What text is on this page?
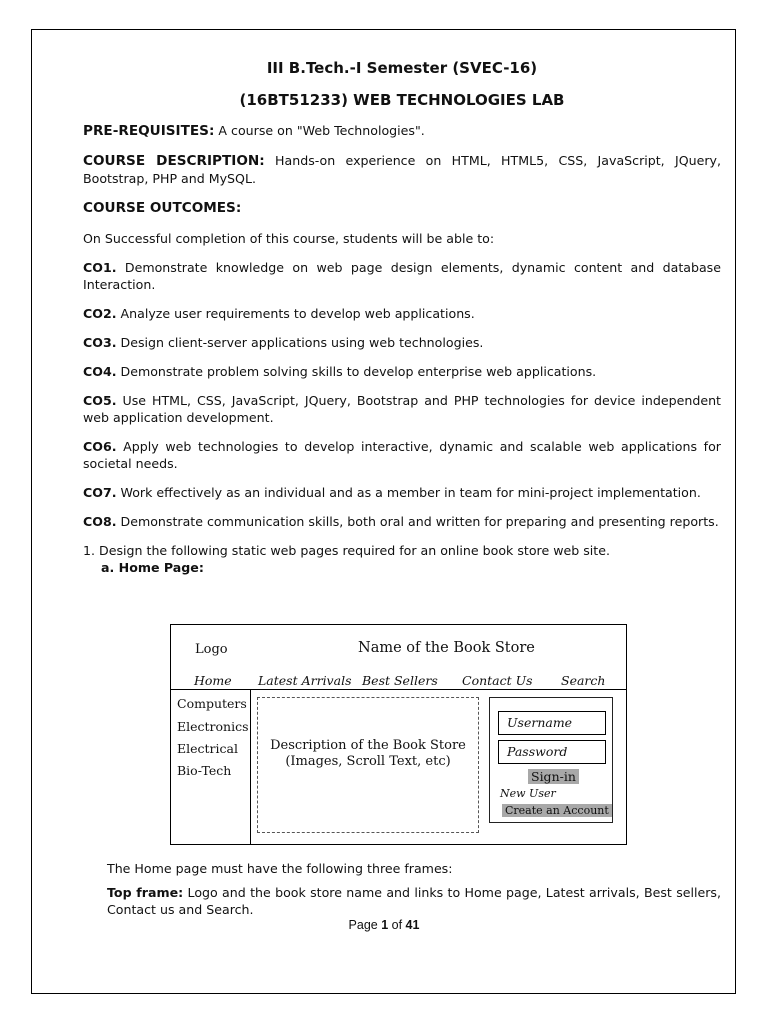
III B.Tech.-I Semester (SVEC-16)

(16BT51233) WEB TECHNOLOGIES LAB

PRE-REQUISITES: A course on "Web Technologies".

COURSE DESCRIPTION: Hands-on experience on HTML, HTML5, CSS, JavaScript, JQuery, Bootstrap, PHP and MySQL.

COURSE OUTCOMES:

On Successful completion of this course, students will be able to:

CO1. Demonstrate knowledge on web page design elements, dynamic content and database Interaction.

CO2. Analyze user requirements to develop web applications.

CO3. Design client-server applications using web technologies.

CO4. Demonstrate problem solving skills to develop enterprise web applications.

CO5. Use HTML, CSS, JavaScript, JQuery, Bootstrap and PHP technologies for device independent web application development.

CO6. Apply web technologies to develop interactive, dynamic and scalable web applications for societal needs.

CO7. Work effectively as an individual and as a member in team for mini-project implementation.

CO8. Demonstrate communication skills, both oral and written for preparing and presenting reports.

1. Design the following static web pages required for an online book store web site.

a. Home Page:

Logo	Name of the Book Store
Home Latest Arrivals Best Sellers Contact Us Search
Computers
Electronics
Electrical
Bio-Tech
Description of the Book Store
(Images, Scroll Text, etc)
Username
Password
Sign-in
New User
Create an Account

The Home page must have the following three frames:

Top frame: Logo and the book store name and links to Home page, Latest arrivals, Best sellers, Contact us and Search.

Page 1 of 41
